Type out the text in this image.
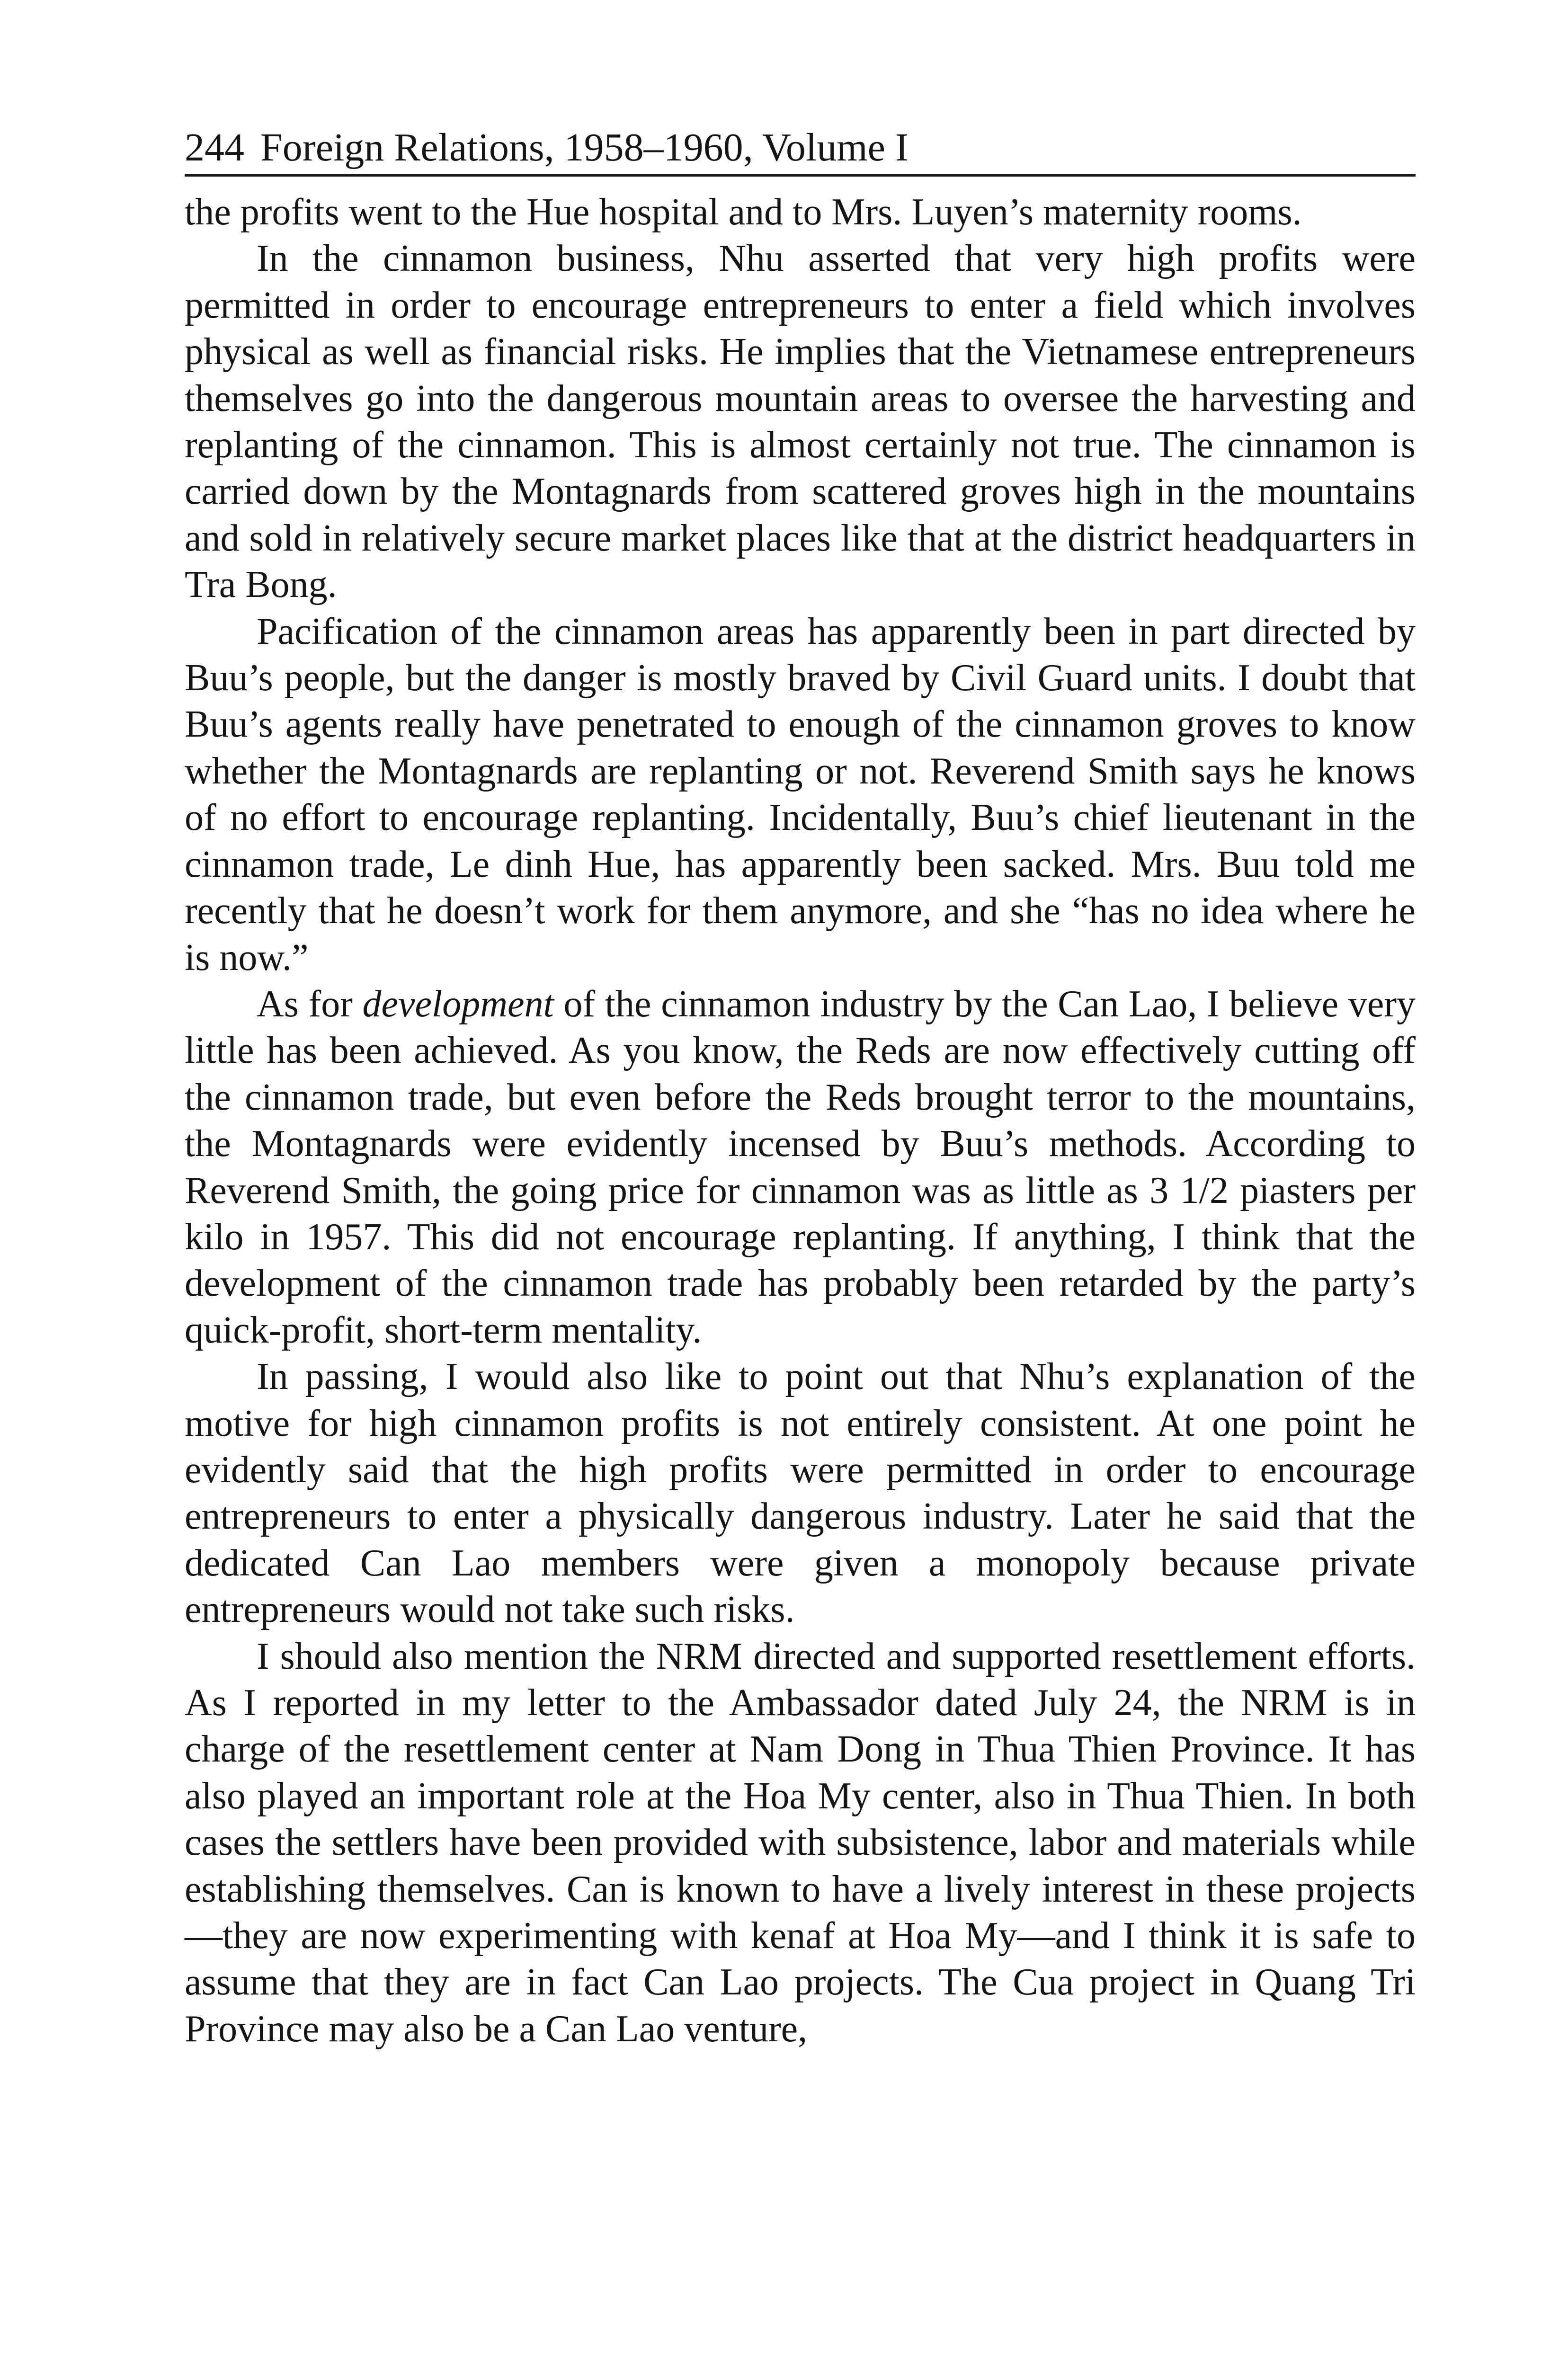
244 Foreign Relations, 1958–1960, Volume I

the profits went to the Hue hospital and to Mrs. Luyen’s maternity rooms.

In the cinnamon business, Nhu asserted that very high profits were permitted in order to encourage entrepreneurs to enter a field which involves physical as well as financial risks. He implies that the Vietnamese entrepreneurs themselves go into the dangerous mountain areas to oversee the harvesting and replanting of the cinnamon. This is almost certainly not true. The cinnamon is carried down by the Montagnards from scattered groves high in the mountains and sold in relatively secure market places like that at the district headquarters in Tra Bong.

Pacification of the cinnamon areas has apparently been in part directed by Buu’s people, but the danger is mostly braved by Civil Guard units. I doubt that Buu’s agents really have penetrated to enough of the cinnamon groves to know whether the Montagnards are replanting or not. Reverend Smith says he knows of no effort to encourage replanting. Incidentally, Buu’s chief lieutenant in the cinnamon trade, Le dinh Hue, has apparently been sacked. Mrs. Buu told me recently that he doesn’t work for them anymore, and she “has no idea where he is now.”

As for development of the cinnamon industry by the Can Lao, I believe very little has been achieved. As you know, the Reds are now effectively cutting off the cinnamon trade, but even before the Reds brought terror to the mountains, the Montagnards were evidently incensed by Buu’s methods. According to Reverend Smith, the going price for cinnamon was as little as 3 1/2 piasters per kilo in 1957. This did not encourage replanting. If anything, I think that the development of the cinnamon trade has probably been retarded by the party’s quick-profit, short-term mentality.

In passing, I would also like to point out that Nhu’s explanation of the motive for high cinnamon profits is not entirely consistent. At one point he evidently said that the high profits were permitted in order to encourage entrepreneurs to enter a physically dangerous industry. Later he said that the dedicated Can Lao members were given a monopoly because private entrepreneurs would not take such risks.

I should also mention the NRM directed and supported resettlement efforts. As I reported in my letter to the Ambassador dated July 24, the NRM is in charge of the resettlement center at Nam Dong in Thua Thien Province. It has also played an important role at the Hoa My center, also in Thua Thien. In both cases the settlers have been provided with subsistence, labor and materials while establishing themselves. Can is known to have a lively interest in these projects—they are now experimenting with kenaf at Hoa My—and I think it is safe to assume that they are in fact Can Lao projects. The Cua project in Quang Tri Province may also be a Can Lao venture,
